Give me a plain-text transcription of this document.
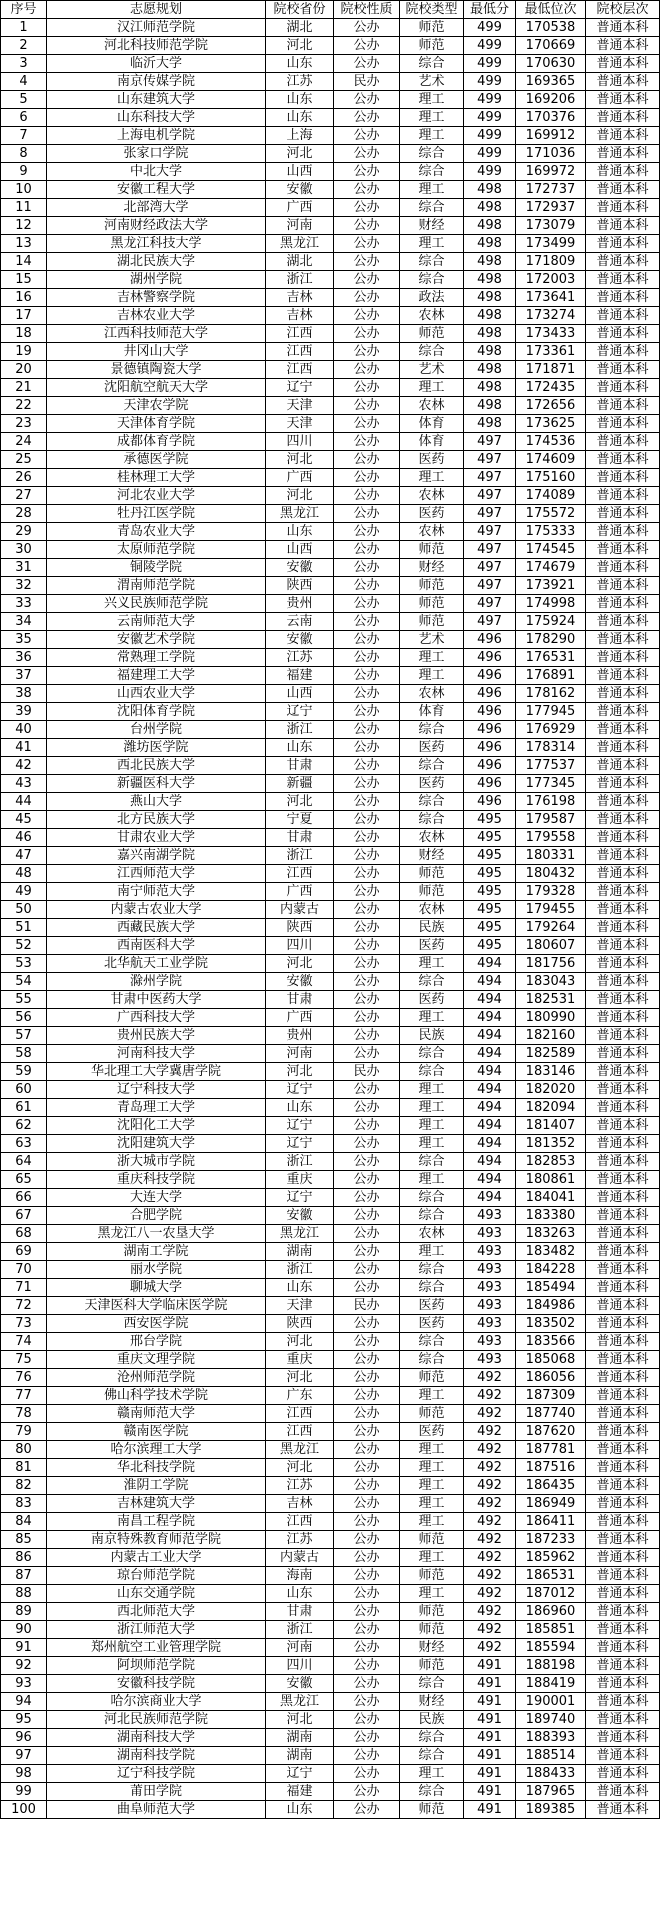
序号	志愿规划	院校省份	院校性质	院校类型	最低分	最低位次	院校层次
1	汉江师范学院	湖北	公办	师范	499	170538	普通本科
2	河北科技师范学院	河北	公办	师范	499	170669	普通本科
3	临沂大学	山东	公办	综合	499	170630	普通本科
4	南京传媒学院	江苏	民办	艺术	499	169365	普通本科
5	山东建筑大学	山东	公办	理工	499	169206	普通本科
6	山东科技大学	山东	公办	理工	499	170376	普通本科
7	上海电机学院	上海	公办	理工	499	169912	普通本科
8	张家口学院	河北	公办	综合	499	171036	普通本科
9	中北大学	山西	公办	综合	499	169972	普通本科
10	安徽工程大学	安徽	公办	理工	498	172737	普通本科
11	北部湾大学	广西	公办	综合	498	172937	普通本科
12	河南财经政法大学	河南	公办	财经	498	173079	普通本科
13	黑龙江科技大学	黑龙江	公办	理工	498	173499	普通本科
14	湖北民族大学	湖北	公办	综合	498	171809	普通本科
15	湖州学院	浙江	公办	综合	498	172003	普通本科
16	吉林警察学院	吉林	公办	政法	498	173641	普通本科
17	吉林农业大学	吉林	公办	农林	498	173274	普通本科
18	江西科技师范大学	江西	公办	师范	498	173433	普通本科
19	井冈山大学	江西	公办	综合	498	173361	普通本科
20	景德镇陶瓷大学	江西	公办	艺术	498	171871	普通本科
21	沈阳航空航天大学	辽宁	公办	理工	498	172435	普通本科
22	天津农学院	天津	公办	农林	498	172656	普通本科
23	天津体育学院	天津	公办	体育	498	173625	普通本科
24	成都体育学院	四川	公办	体育	497	174536	普通本科
25	承德医学院	河北	公办	医药	497	174609	普通本科
26	桂林理工大学	广西	公办	理工	497	175160	普通本科
27	河北农业大学	河北	公办	农林	497	174089	普通本科
28	牡丹江医学院	黑龙江	公办	医药	497	175572	普通本科
29	青岛农业大学	山东	公办	农林	497	175333	普通本科
30	太原师范学院	山西	公办	师范	497	174545	普通本科
31	铜陵学院	安徽	公办	财经	497	174679	普通本科
32	渭南师范学院	陕西	公办	师范	497	173921	普通本科
33	兴义民族师范学院	贵州	公办	师范	497	174998	普通本科
34	云南师范大学	云南	公办	师范	497	175924	普通本科
35	安徽艺术学院	安徽	公办	艺术	496	178290	普通本科
36	常熟理工学院	江苏	公办	理工	496	176531	普通本科
37	福建理工大学	福建	公办	理工	496	176891	普通本科
38	山西农业大学	山西	公办	农林	496	178162	普通本科
39	沈阳体育学院	辽宁	公办	体育	496	177945	普通本科
40	台州学院	浙江	公办	综合	496	176929	普通本科
41	潍坊医学院	山东	公办	医药	496	178314	普通本科
42	西北民族大学	甘肃	公办	综合	496	177537	普通本科
43	新疆医科大学	新疆	公办	医药	496	177345	普通本科
44	燕山大学	河北	公办	综合	496	176198	普通本科
45	北方民族大学	宁夏	公办	综合	495	179587	普通本科
46	甘肃农业大学	甘肃	公办	农林	495	179558	普通本科
47	嘉兴南湖学院	浙江	公办	财经	495	180331	普通本科
48	江西师范大学	江西	公办	师范	495	180432	普通本科
49	南宁师范大学	广西	公办	师范	495	179328	普通本科
50	内蒙古农业大学	内蒙古	公办	农林	495	179455	普通本科
51	西藏民族大学	陕西	公办	民族	495	179264	普通本科
52	西南医科大学	四川	公办	医药	495	180607	普通本科
53	北华航天工业学院	河北	公办	理工	494	181756	普通本科
54	滁州学院	安徽	公办	综合	494	183043	普通本科
55	甘肃中医药大学	甘肃	公办	医药	494	182531	普通本科
56	广西科技大学	广西	公办	理工	494	180990	普通本科
57	贵州民族大学	贵州	公办	民族	494	182160	普通本科
58	河南科技大学	河南	公办	综合	494	182589	普通本科
59	华北理工大学冀唐学院	河北	民办	综合	494	183146	普通本科
60	辽宁科技大学	辽宁	公办	理工	494	182020	普通本科
61	青岛理工大学	山东	公办	理工	494	182094	普通本科
62	沈阳化工大学	辽宁	公办	理工	494	181407	普通本科
63	沈阳建筑大学	辽宁	公办	理工	494	181352	普通本科
64	浙大城市学院	浙江	公办	综合	494	182853	普通本科
65	重庆科技学院	重庆	公办	理工	494	180861	普通本科
66	大连大学	辽宁	公办	综合	494	184041	普通本科
67	合肥学院	安徽	公办	综合	493	183380	普通本科
68	黑龙江八一农垦大学	黑龙江	公办	农林	493	183263	普通本科
69	湖南工学院	湖南	公办	理工	493	183482	普通本科
70	丽水学院	浙江	公办	综合	493	184228	普通本科
71	聊城大学	山东	公办	综合	493	185494	普通本科
72	天津医科大学临床医学院	天津	民办	医药	493	184986	普通本科
73	西安医学院	陕西	公办	医药	493	183502	普通本科
74	邢台学院	河北	公办	综合	493	183566	普通本科
75	重庆文理学院	重庆	公办	综合	493	185068	普通本科
76	沧州师范学院	河北	公办	师范	492	186056	普通本科
77	佛山科学技术学院	广东	公办	理工	492	187309	普通本科
78	赣南师范大学	江西	公办	师范	492	187740	普通本科
79	赣南医学院	江西	公办	医药	492	187620	普通本科
80	哈尔滨理工大学	黑龙江	公办	理工	492	187781	普通本科
81	华北科技学院	河北	公办	理工	492	187516	普通本科
82	淮阴工学院	江苏	公办	理工	492	186435	普通本科
83	吉林建筑大学	吉林	公办	理工	492	186949	普通本科
84	南昌工程学院	江西	公办	理工	492	186411	普通本科
85	南京特殊教育师范学院	江苏	公办	师范	492	187233	普通本科
86	内蒙古工业大学	内蒙古	公办	理工	492	185962	普通本科
87	琼台师范学院	海南	公办	师范	492	186531	普通本科
88	山东交通学院	山东	公办	理工	492	187012	普通本科
89	西北师范大学	甘肃	公办	师范	492	186960	普通本科
90	浙江师范大学	浙江	公办	师范	492	185851	普通本科
91	郑州航空工业管理学院	河南	公办	财经	492	185594	普通本科
92	阿坝师范学院	四川	公办	师范	491	188198	普通本科
93	安徽科技学院	安徽	公办	综合	491	188419	普通本科
94	哈尔滨商业大学	黑龙江	公办	财经	491	190001	普通本科
95	河北民族师范学院	河北	公办	民族	491	189740	普通本科
96	湖南科技大学	湖南	公办	综合	491	188393	普通本科
97	湖南科技学院	湖南	公办	综合	491	188514	普通本科
98	辽宁科技学院	辽宁	公办	理工	491	188433	普通本科
99	莆田学院	福建	公办	综合	491	187965	普通本科
100	曲阜师范大学	山东	公办	师范	491	189385	普通本科
